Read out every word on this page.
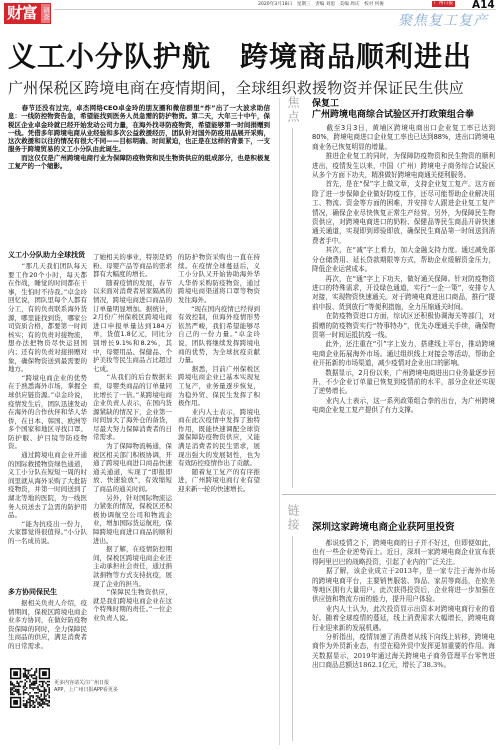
财富 调查
2020年3月18日　星期三　责编 刘思　美编 周庆　校对 何俊	广州日报 A14
聚焦复工复产
义工小分队护航　跨境商品顺利进出
广州保税区跨境电商在疫情期间，全球组织救援物资并保证民生供应
　　春节还没有过完，卓杰网络CEO卓金玲的朋友圈和微信群里“炸”出了一大波求助信息：一线防控物资告急，希望能找到医务人员急需的防护物资。第二天，大年三十中午，保税区企业卓金玲就已经开始发动公司力量，在海外找寻防疫物资，希望能够第一时间捐赠到一线。凭借多年跨境电商从业经验和多次公益救援经历，团队针对国外防疫用品展开采购，这次救援和以往的情况有很大不同——目标明确、时间紧迫，也正是在这样的背景下，一支服务于跨境贸易的义工小分队由此诞生。
　　而这仅仅是广州跨境电商行业为保障防疫物资和民生物资供应的组成部分，也是积极复工复产的一个缩影。
义工小分队助力全球找货
　　“那几天我们团队每天要工作20个小时，每天都在作战，睡觉的时间都在干事，生怕时不待我。”卓金玲回忆说，团队里每个人都有分工，有的负责联系海外货源，哪里能找到货，哪家公司资质合格，都要第一时间核实；有的负责对接物流，想办法把物资尽快运回国内；还有的负责对接捐赠对象，确保物资送到最需要的地方。
　　“跨境电商企业的优势在于熟悉海外市场，掌握全球供应链资源。”卓金玲说，疫情发生后，团队迅速发动在海外的合作伙伴和华人华侨，在日本、韩国、欧洲等多个国家和地区寻找口罩、防护服、护目镜等防疫物资。
　　通过跨境电商企业开通的国际救援物资绿色通道，义工小分队在短短一周的时间里就从海外采购了大批防疫物资，并第一时间送到了湖北等地的医院，为一线医务人员送去了急需的防护用品。
　　“能为抗疫出一份力，大家都觉得很值得。”小分队的一名成员说。
多方协同保民生
　　据相关负责人介绍，疫情期间，保税区跨境电商企业多方协同，在做好防疫物资保障的同时，全力保障民生商品的供应，满足消费者的日常需求。
了她相关的事业，特别是奶粉、母婴产品等商品的需求都有大幅度的增长。
　　随着疫情的发展，春节以来面对消费者居家隔离的情况，跨境电商进口商品的订单量明显增加。据统计，2月份广州保税区跨境电商进口申报单量达到184万单，货值1.8亿元，同比分别增长9.1%和8.2%，其中，母婴用品、保健品、个护美妆等民生商品占比超过七成。
　　“从我们的后台数据来看，母婴类商品的订单量同比增长了一倍。”某跨境电商企业负责人表示，在国内货源紧缺的情况下，企业第一时间加大了海外仓的备货，尽最大努力保障消费者的日常需求。
　　为了保障物流畅通，保税区相关部门积极协调，开通了跨境电商进口商品快速通关通道，实现了“即报即放、快速验放”，有效缩短了商品的通关时间。
　　另外，针对国际物流运力紧张的情况，保税区还积极协调航空公司和物流企业，增加国际货运航班，保障跨境电商进口商品的顺利进出。
　　据了解，在疫情防控期间，保税区跨境电商企业还主动承担社会责任，通过捐款捐物等方式支持抗疫，展现了企业的担当。
　　“保障民生物资供应，就是我们跨境电商企业在这个特殊时期的责任。”一位企业负责人说。
的防护物资采购也一直在持续。在疫情全球蔓延后，义工小分队又开始协助海外华人华侨采购防疫物资，通过跨境电商渠道将口罩等物资发往海外。
　　“现在国内疫情已经得到有效控制，但海外疫情形势依然严峻，我们希望能够尽自己的一份力量。”卓金玲说，团队将继续发挥跨境电商的优势，为全球抗疫贡献力量。
　　据悉，目前广州保税区跨境电商企业已基本实现复工复产，业务量逐步恢复，为稳外贸、保民生发挥了积极作用。
　　业内人士表示，跨境电商在此次疫情中发挥了独特作用，既能快速调配全球资源保障防疫物资供应，又能满足消费者的民生需求，展现出强大的发展韧性，也为有效防控疫情作出了贡献。
　　随着复工复产的有序推进，广州跨境电商行业有望迎来新一轮的快速增长。
更多内容请关注广州日报APP，上广州日报APP看更多
焦点 保复工
广州跨境电商综合试验区开打政策组合拳
　　截至3月3日，黄埔区跨境电商出口企业复工率已达到80%，跨境电商进口企业复工率也已达到88%，进出口跨境电商业务已恢复明显的增量。
　　推进企业复工的同时，为保障防疫物资和民生物资的顺利进出，疫情发生以来，中国（广州）跨境电子商务综合试验区从多个方面下功夫，精准做好跨境电商通关便利服务。
　　首先，是在“保”字上做文章，支持企业复工复产。这方面除了进一步保障企业做好防疫工作，还尽可能帮助企业解决用工、物流、资金等方面的困难，并安排专人跟进企业复工复产情况，确保企业尽快恢复正常生产经营。另外，为保障民生物资供应，对跨境电商进口的奶粉、保健品等民生商品开辟快速通关通道，实现即到即验即放，确保民生商品第一时间送到消费者手中。
　　其次，在“减”字上着力，加大金融支持力度。通过减免部分仓储费用、延长贷款期限等方式，帮助企业缓解资金压力，降低企业运营成本。
　　再次，在“通”字上下功夫，做好通关保障。针对防疫物资进口的特殊需求，开设绿色通道，实行“一企一策”，安排专人对接，实现物资快速通关。对于跨境电商进出口商品，推行“提前申报、货到放行”等便利措施，全力压缩通关时间。
　　在防疫物资进口方面，综试区还积极协调海关等部门，对捐赠的防疫物资实行“特事特办”，优先办理通关手续，确保物资第一时间运抵抗疫一线。
　　此外，还注重在“引”字上发力，搭建线上平台，推动跨境电商企业拓展海外市场。通过组织线上对接会等活动，帮助企业开拓新的市场渠道，减少疫情对企业出口的影响。
　　数据显示，2月份以来，广州跨境电商进出口业务量逐步回升，不少企业订单量已恢复到疫情前的水平，部分企业还实现了逆势增长。
　　业内人士表示，这一系列政策组合拳的出台，为广州跨境电商企业复工复产提供了有力支撑。
链接 深圳这家跨境电商企业获阿里投资
　　都说疫情之下，跨境电商的日子并不好过，但即便如此，也有一些企业逆势而上。近日，深圳一家跨境电商企业宣布获得阿里巴巴的战略投资，引起了业内的广泛关注。
　　据了解，该企业成立于2013年，是一家专注于海外市场的跨境电商平台，主要销售服装、饰品、家居等商品，在欧美等地区拥有大量用户。此次获得投资后，企业将进一步加强在供应链和物流方面的能力，提升用户体验。
　　业内人士认为，此次投资显示出资本对跨境电商行业的看好。随着全球疫情的蔓延，线上消费需求大幅增长，跨境电商行业迎来新的发展机遇。
　　分析指出，疫情加速了消费者从线下向线上转移，跨境电商作为外贸新业态，有望在稳外贸中发挥更加重要的作用。海关数据显示，2019年通过海关跨境电子商务管理平台零售进出口商品总额达1862.1亿元，增长了38.3%。
